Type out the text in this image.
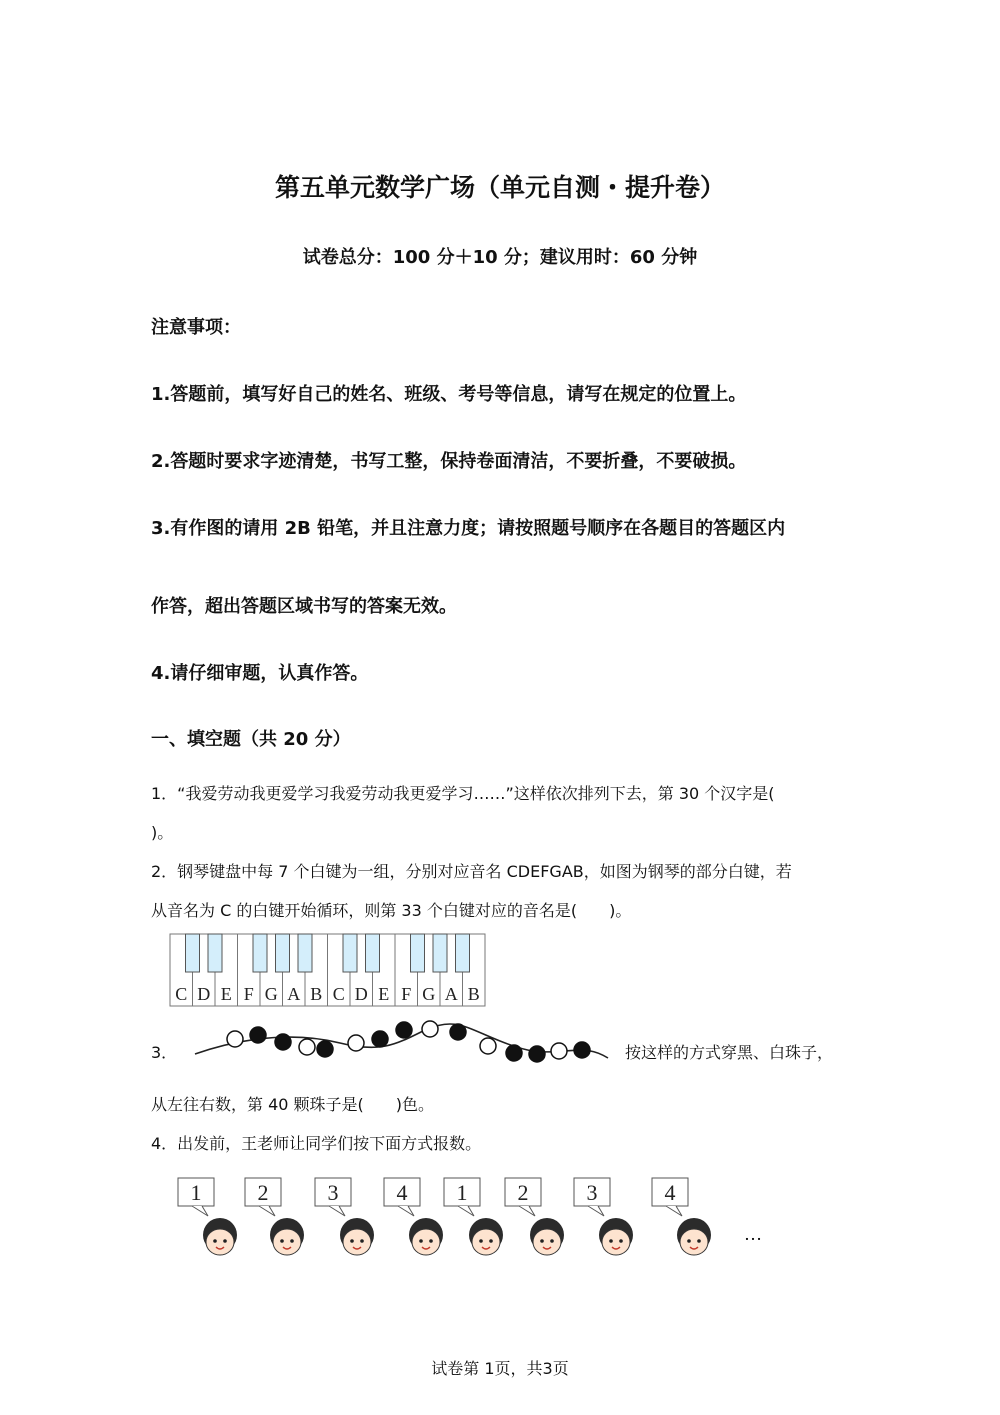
第五单元数学广场（单元自测・提升卷）
试卷总分：100 分＋10 分；建议用时：60 分钟
注意事项：
1.答题前，填写好自己的姓名、班级、考号等信息，请写在规定的位置上。
2.答题时要求字迹清楚，书写工整，保持卷面清洁，不要折叠，不要破损。
3.有作图的请用 2B 铅笔，并且注意力度；请按照题号顺序在各题目的答题区内
作答，超出答题区域书写的答案无效。
4.请仔细审题，认真作答。
一、填空题（共 20 分）
1．“我爱劳动我更爱学习我爱劳动我更爱学习……”这样依次排列下去，第 30 个汉字是(
)。
2．钢琴键盘中每 7 个白键为一组，分别对应音名 CDEFGAB，如图为钢琴的部分白键，若
从音名为 C 的白键开始循环，则第 33 个白键对应的音名是(　　)。
C D E F G A B C D E F G A B
3．	按这样的方式穿黑、白珠子，
从左往右数，第 40 颗珠子是(　　)色。
4．出发前，王老师让同学们按下面方式报数。
1	2	3	4 1 2	3	4
…
试卷第 1页，共3页
